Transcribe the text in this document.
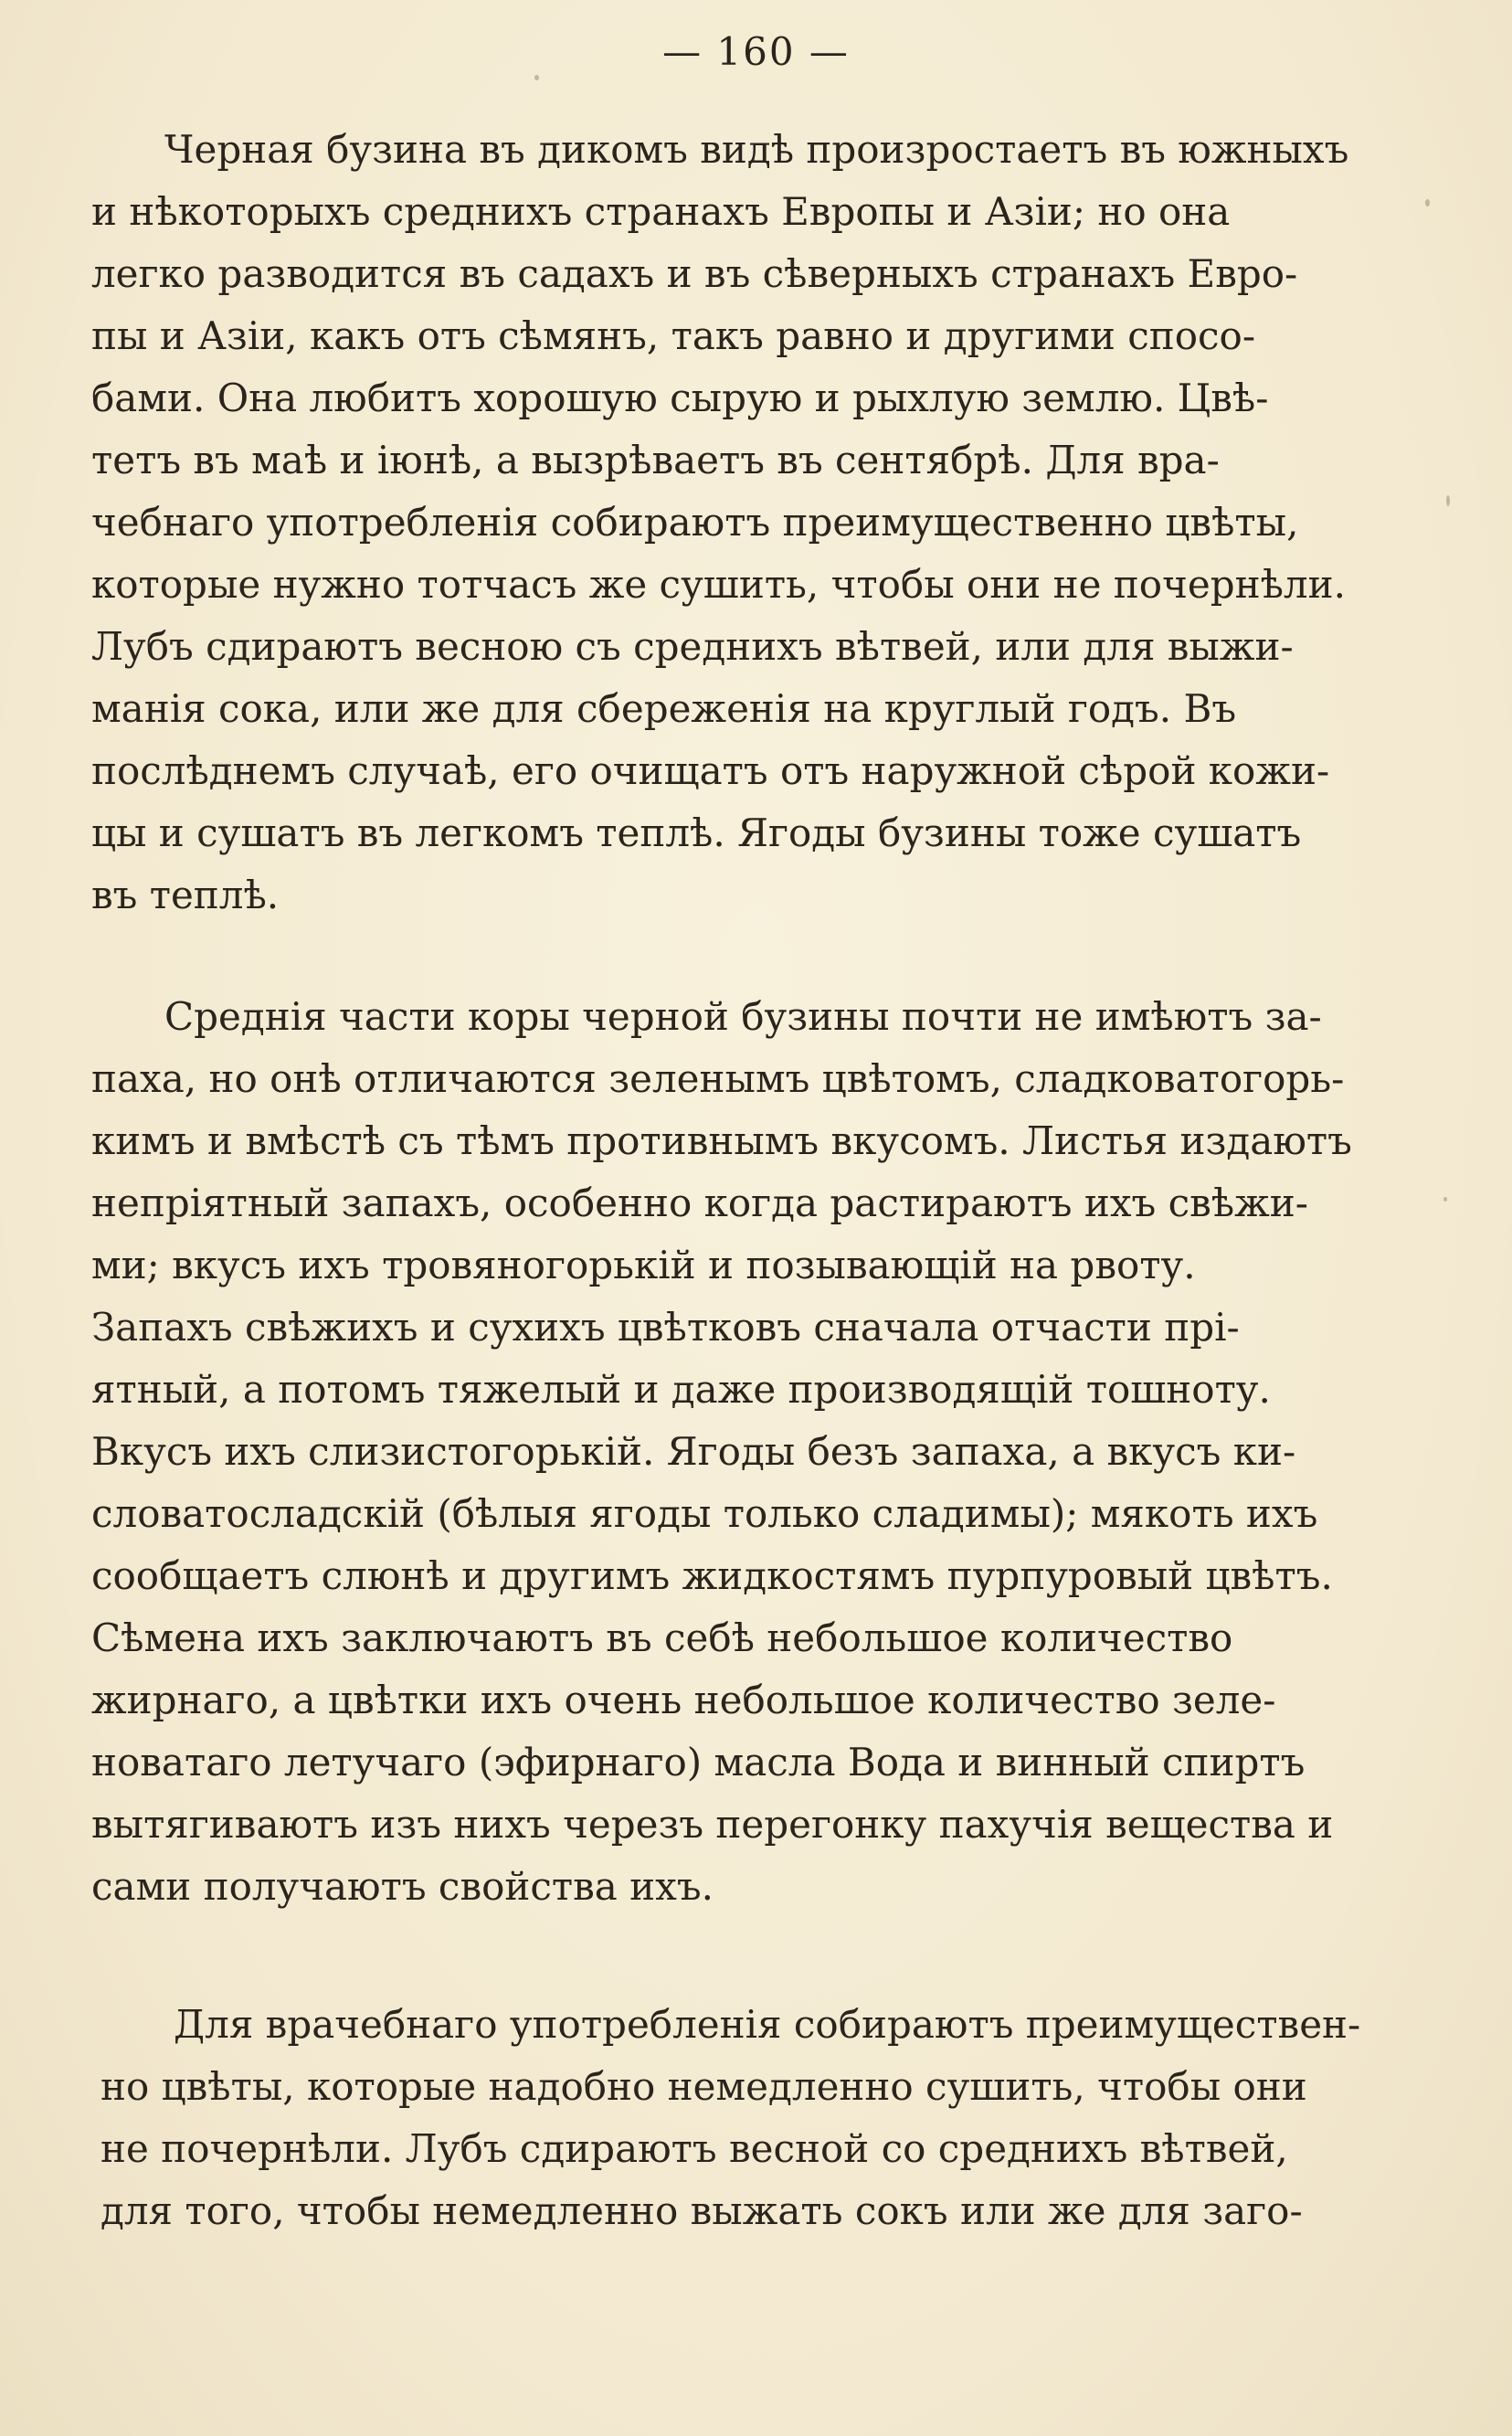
— 160 —
Черная бузина въ дикомъ видѣ произростаетъ въ южныхъ
и нѣкоторыхъ среднихъ странахъ Европы и Азіи; но она
легко разводится въ садахъ и въ сѣверныхъ странахъ Евро-
пы и Азіи, какъ отъ сѣмянъ, такъ равно и другими спосо-
бами. Она любитъ хорошую сырую и рыхлую землю. Цвѣ-
тетъ въ маѣ и іюнѣ, а вызрѣваетъ въ сентябрѣ. Для вра-
чебнаго употребленія собираютъ преимущественно цвѣты,
которые нужно тотчасъ же сушить, чтобы они не почернѣли.
Лубъ сдираютъ весною съ среднихъ вѣтвей, или для выжи-
манія сока, или же для сбереженія на круглый годъ. Въ
послѣднемъ случаѣ, его очищатъ отъ наружной сѣрой кожи-
цы и сушатъ въ легкомъ теплѣ. Ягоды бузины тоже сушатъ
въ теплѣ.
Среднія части коры черной бузины почти не имѣютъ за-
паха, но онѣ отличаются зеленымъ цвѣтомъ, сладковатогорь-
кимъ и вмѣстѣ съ тѣмъ противнымъ вкусомъ. Листья издаютъ
непріятный запахъ, особенно когда растираютъ ихъ свѣжи-
ми; вкусъ ихъ тровяногорькій и позывающій на рвоту.
Запахъ свѣжихъ и сухихъ цвѣтковъ сначала отчасти прі-
ятный, а потомъ тяжелый и даже производящій тошноту.
Вкусъ ихъ слизистогорькій. Ягоды безъ запаха, а вкусъ ки-
словатосладскій (бѣлыя ягоды только сладимы); мякоть ихъ
сообщаетъ слюнѣ и другимъ жидкостямъ пурпуровый цвѣтъ.
Сѣмена ихъ заключаютъ въ себѣ небольшое количество
жирнаго, а цвѣтки ихъ очень небольшое количество зеле-
новатаго летучаго (эфирнаго) масла Вода и винный спиртъ
вытягиваютъ изъ нихъ черезъ перегонку пахучія вещества и
сами получаютъ свойства ихъ.
Для врачебнаго употребленія собираютъ преимуществен-
но цвѣты, которые надобно немедленно сушить, чтобы они
не почернѣли. Лубъ сдираютъ весной со среднихъ вѣтвей,
для того, чтобы немедленно выжать сокъ или же для заго-
